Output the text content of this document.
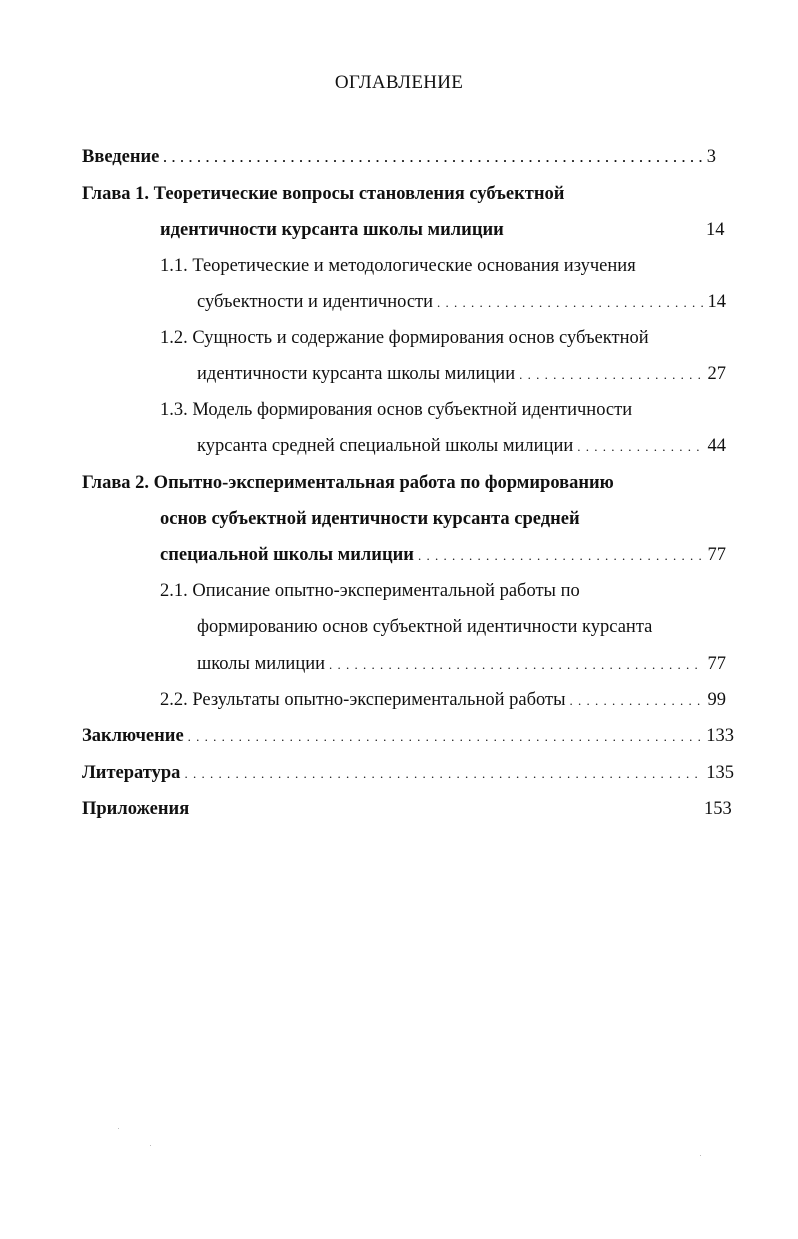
ОГЛАВЛЕНИЕ
Введение . . .	3
Глава 1. Теоретические вопросы становления субъектной
идентичности курсанта школы милиции	14
1.1. Теоретические и методологические основания изучения
субъектности и идентичности . . .	14
1.2. Сущность и содержание формирования основ субъектной
идентичности курсанта школы милиции . . .	27
1.3. Модель формирования основ субъектной идентичности
курсанта средней специальной школы милиции . . .	44
Глава 2. Опытно-экспериментальная работа по формированию
основ субъектной идентичности курсанта средней
специальной школы милиции . . .	77
2.1. Описание опытно-экспериментальной работы по
формированию основ субъектной идентичности курсанта
школы милиции . . .	77
2.2. Результаты опытно-экспериментальной работы . . .	99
Заключение . . .	133
Литература . . .	135
Приложения	153
